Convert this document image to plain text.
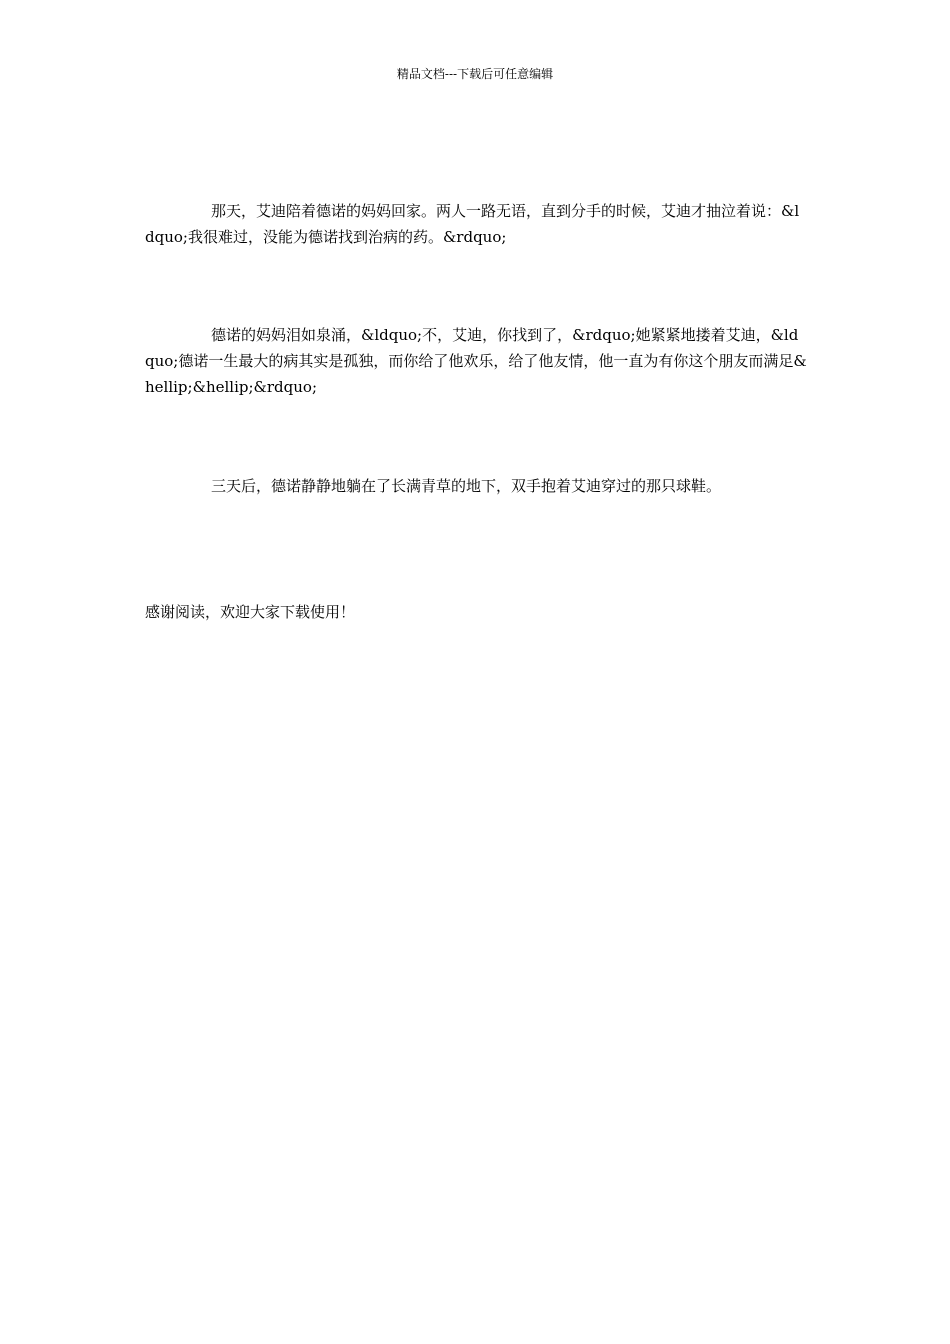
精品文档---下载后可任意编辑

那天，艾迪陪着德诺的妈妈回家。两人一路无语，直到分手的时候，艾迪才抽泣着说：&ldquo;我很难过，没能为德诺找到治病的药。&rdquo;

德诺的妈妈泪如泉涌，&ldquo;不，艾迪，你找到了，&rdquo;她紧紧地搂着艾迪，&ldquo;德诺一生最大的病其实是孤独，而你给了他欢乐，给了他友情，他一直为有你这个朋友而满足&hellip;&hellip;&rdquo;

三天后，德诺静静地躺在了长满青草的地下，双手抱着艾迪穿过的那只球鞋。

感谢阅读，欢迎大家下载使用！
